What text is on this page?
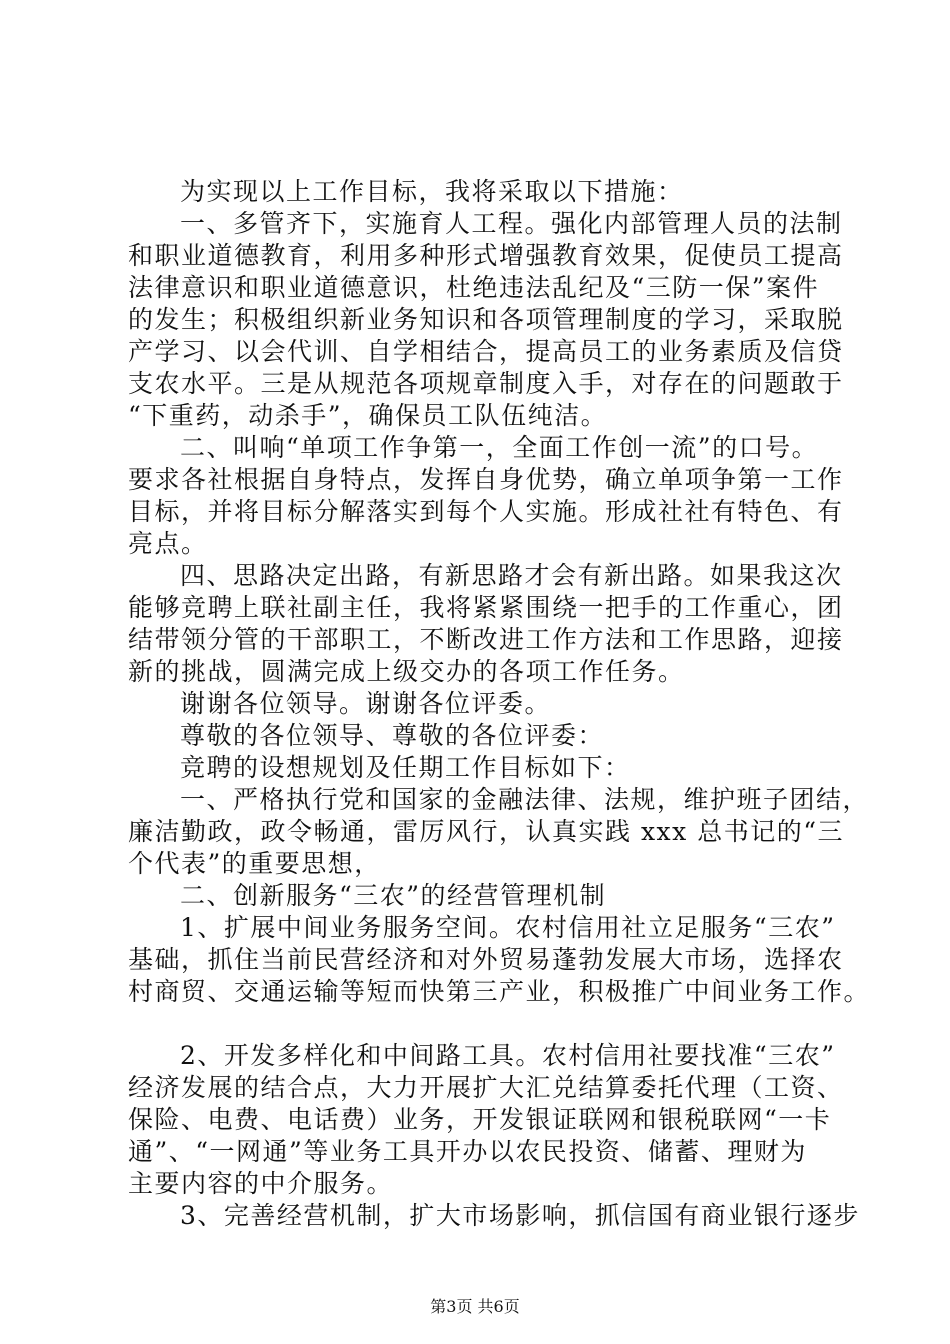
为实现以上工作目标，我将采取以下措施：
一、多管齐下，实施育人工程。强化内部管理人员的法制
和职业道德教育，利用多种形式增强教育效果，促使员工提高
法律意识和职业道德意识，杜绝违法乱纪及“三防一保”案件
的发生；积极组织新业务知识和各项管理制度的学习，采取脱
产学习、以会代训、自学相结合，提高员工的业务素质及信贷
支农水平。三是从规范各项规章制度入手，对存在的问题敢于
“下重药，动杀手”，确保员工队伍纯洁。
二、叫响“单项工作争第一，全面工作创一流”的口号。
要求各社根据自身特点，发挥自身优势，确立单项争第一工作
目标，并将目标分解落实到每个人实施。形成社社有特色、有
亮点。
四、思路决定出路，有新思路才会有新出路。如果我这次
能够竞聘上联社副主任，我将紧紧围绕一把手的工作重心，团
结带领分管的干部职工，不断改进工作方法和工作思路，迎接
新的挑战，圆满完成上级交办的各项工作任务。
谢谢各位领导。谢谢各位评委。
尊敬的各位领导、尊敬的各位评委：
竞聘的设想规划及任期工作目标如下：
一、严格执行党和国家的金融法律、法规，维护班子团结，
廉洁勤政，政令畅通，雷厉风行，认真实践 xxx 总书记的“三
个代表”的重要思想，
二、创新服务“三农”的经营管理机制
1、扩展中间业务服务空间。农村信用社立足服务“三农”
基础，抓住当前民营经济和对外贸易蓬勃发展大市场，选择农
村商贸、交通运输等短而快第三产业，积极推广中间业务工作。
2、开发多样化和中间路工具。农村信用社要找准“三农”
经济发展的结合点，大力开展扩大汇兑结算委托代理（工资、
保险、电费、电话费）业务，开发银证联网和银税联网“一卡
通”、“一网通”等业务工具开办以农民投资、储蓄、理财为
主要内容的中介服务。
3、完善经营机制，扩大市场影响，抓信国有商业银行逐步
第3页 共6页
